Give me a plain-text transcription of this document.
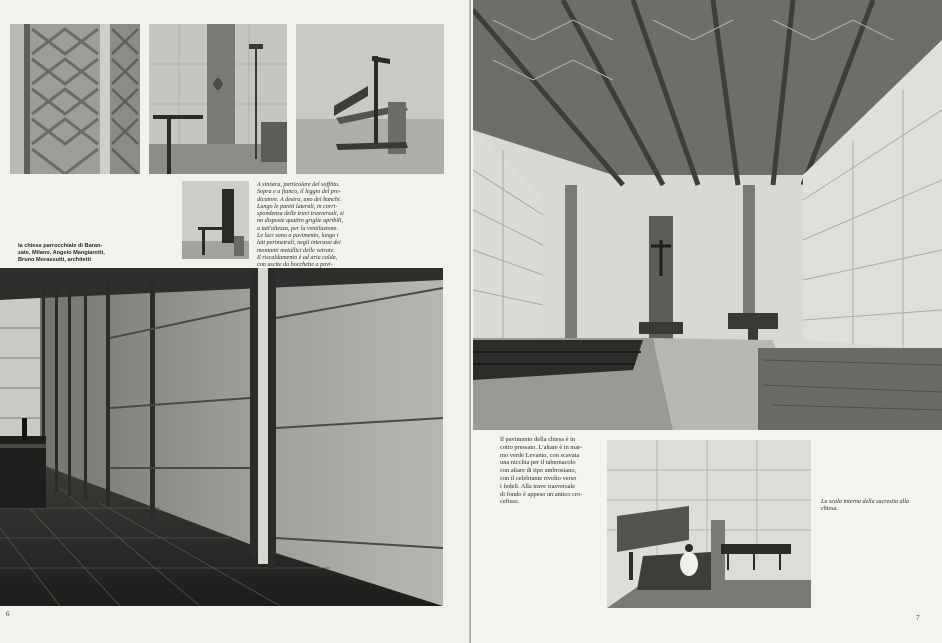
A sinistra, particolare del soffitto.
Sopra e a fianco, il leggio del pre-
dicatore. A destra, uno dei banchi.
Lungo le pareti laterali, in corri-
spondenza delle travi trasversali, si
no disposte quattro griglie apribili,
a tutt'altezza, per la ventilazione.
Le luci sono a pavimento, lungo i
lati perimetrali, negli interassi dei
montanti metallici delle vetrate.
Il riscaldamento è ad aria calda,
con uscite da bocchette a pavi-

la chiesa parrocchiale di Baran-
zate, Milano, Angelo Mangiarotti,
Bruno Morassutti, architetti
6
Il pavimento della chiesa è in
cotto pressato. L'altare è in mar-
mo verde Levanto, con scavata
una nicchia per il tabernacolo
con altare di tipo ambrosiano,
con il celebrante rivolto verso
i fedeli. Alla trave trasversale
di fondo è appeso un antico cro-
cefisso.	La scala interna della sacrestia alla
chiesa.
7
